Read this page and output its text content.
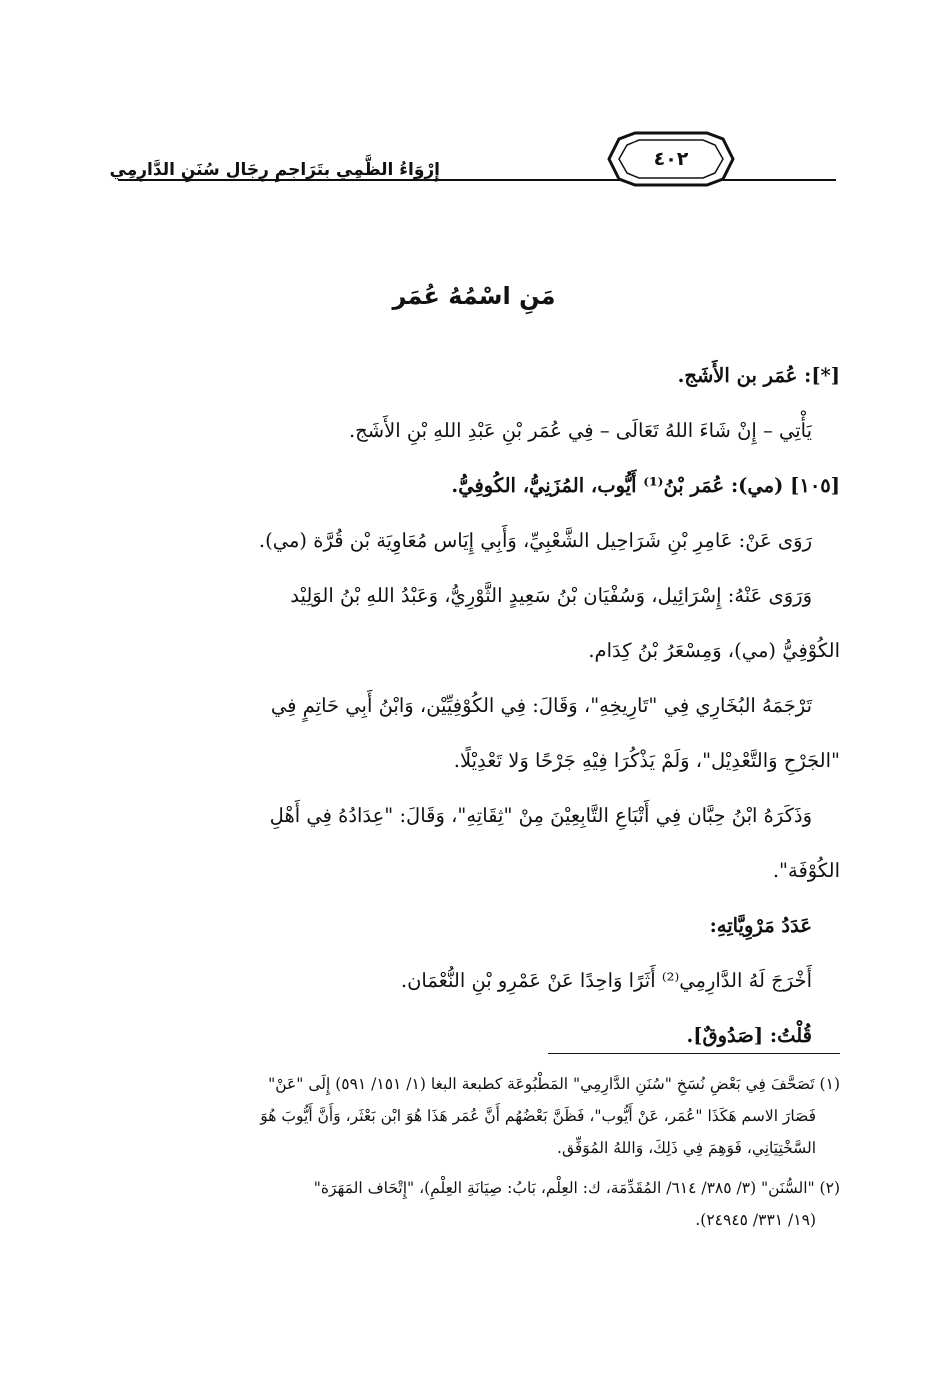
إِرْوَاءُ الظَّمِي بِتَرَاجِمِ رِجَالِ سُنَنِ الدَّارِمِي	٤٠٢
مَنِ اسْمُهُ عُمَر
[*]: عُمَر بن الأَشَج.
يَأْتِي – إِنْ شَاءَ اللهُ تَعَالَى – فِي عُمَر بْنِ عَبْدِ اللهِ بْنِ الأَشَج.
[١٠٥] (مي): عُمَر بْنُ⁽¹⁾ أَيُّوب، المُزَنِيُّ، الكُوفِيُّ.
رَوَى عَنْ: عَامِرِ بْنِ شَرَاحِيل الشَّعْبِيِّ، وَأَبِي إِيَاس مُعَاوِيَة بْن قُرَّة (مي).
وَرَوَى عَنْهُ: إِسْرَائِيل، وَسُفْيَان بْنُ سَعِيدٍ الثَّوْرِيُّ، وَعَبْدُ اللهِ بْنُ الوَلِيْد
الكُوْفِيُّ (مي)، وَمِسْعَرُ بْنُ كِدَام.
تَرْجَمَهُ البُخَارِي فِي "تَارِيخِهِ"، وَقَالَ: فِي الكُوْفِيِّيْن، وَابْنُ أَبِي حَاتِمٍ فِي
"الجَرْحِ وَالتَّعْدِيْل"، وَلَمْ يَذْكُرَا فِيْهِ جَرْحًا وَلا تَعْدِيْلًا.
وَذَكَرَهُ ابْنُ حِبَّان فِي أَتْبَاعِ التَّابِعِيْنَ مِنْ "ثِقَاتِهِ"، وَقَالَ: "عِدَادُهُ فِي أَهْلِ
الكُوْفَة".
عَدَدُ مَرْوِيَّاتِهِ:
أَخْرَجَ لَهُ الدَّارِمِي⁽²⁾ أَثَرًا وَاحِدًا عَنْ عَمْرِو بْنِ النُّعْمَان.
قُلْتُ: [صَدُوقٌ].
(١) تَصَحَّفَ فِي بَعْضِ نُسَخِ "سُنَنِ الدَّارِمِي" المَطْبُوعَة كطبعة البغا (١/ ١٥١/ ٥٩١) إِلَى "عَنْ"
فَصَارَ الاسم هَكَذَا "عُمَر، عَنْ أَيُّوب"، فَظَنَّ بَعْضُهُم أَنَّ عُمَر هَذَا هُوَ ابْن بَعْثَر، وَأَنَّ أَيُّوبَ هُوَ
السَّخْتِيَانِي، فَوَهِمَ فِي ذَلِكَ، وَاللهُ المُوَفِّق.
(٢) "السُّنَن" (٣/ ٣٨٥/ ٦١٤/ المُقَدِّمَة، ك: العِلْم، بَابُ: صِيَانَةِ العِلْمِ)، "إِتْحَاف المَهَرَة"
(١٩/ ٣٣١/ ٢٤٩٤٥).
